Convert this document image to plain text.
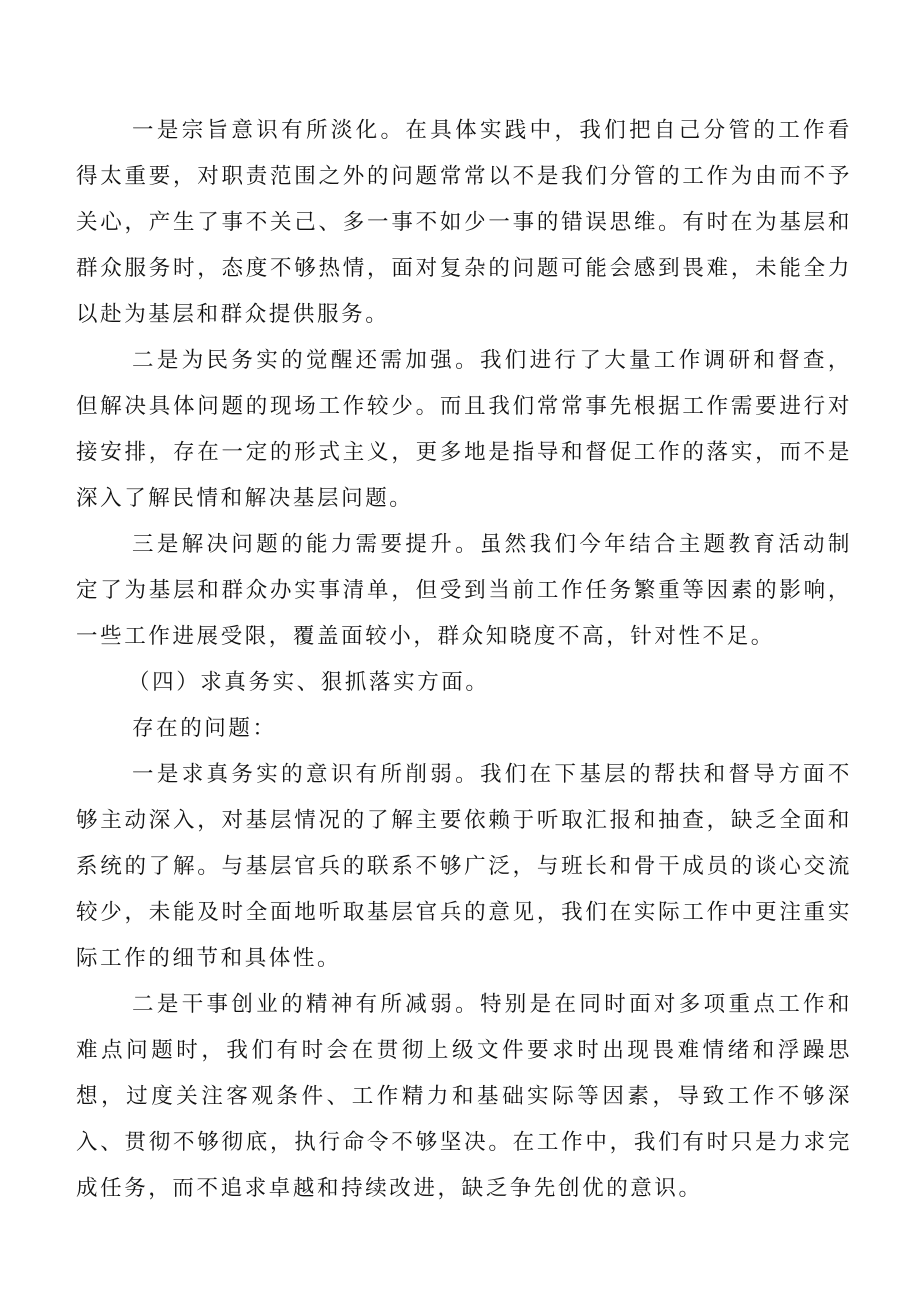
一是宗旨意识有所淡化。在具体实践中，我们把自己分管的工作看得太重要，对职责范围之外的问题常常以不是我们分管的工作为由而不予关心，产生了事不关己、多一事不如少一事的错误思维。有时在为基层和群众服务时，态度不够热情，面对复杂的问题可能会感到畏难，未能全力以赴为基层和群众提供服务。

二是为民务实的觉醒还需加强。我们进行了大量工作调研和督查，但解决具体问题的现场工作较少。而且我们常常事先根据工作需要进行对接安排，存在一定的形式主义，更多地是指导和督促工作的落实，而不是深入了解民情和解决基层问题。

三是解决问题的能力需要提升。虽然我们今年结合主题教育活动制定了为基层和群众办实事清单，但受到当前工作任务繁重等因素的影响，一些工作进展受限，覆盖面较小，群众知晓度不高，针对性不足。

（四）求真务实、狠抓落实方面。

存在的问题：

一是求真务实的意识有所削弱。我们在下基层的帮扶和督导方面不够主动深入，对基层情况的了解主要依赖于听取汇报和抽查，缺乏全面和系统的了解。与基层官兵的联系不够广泛，与班长和骨干成员的谈心交流较少，未能及时全面地听取基层官兵的意见，我们在实际工作中更注重实际工作的细节和具体性。

二是干事创业的精神有所减弱。特别是在同时面对多项重点工作和难点问题时，我们有时会在贯彻上级文件要求时出现畏难情绪和浮躁思想，过度关注客观条件、工作精力和基础实际等因素，导致工作不够深入、贯彻不够彻底，执行命令不够坚决。在工作中，我们有时只是力求完成任务，而不追求卓越和持续改进，缺乏争先创优的意识。
